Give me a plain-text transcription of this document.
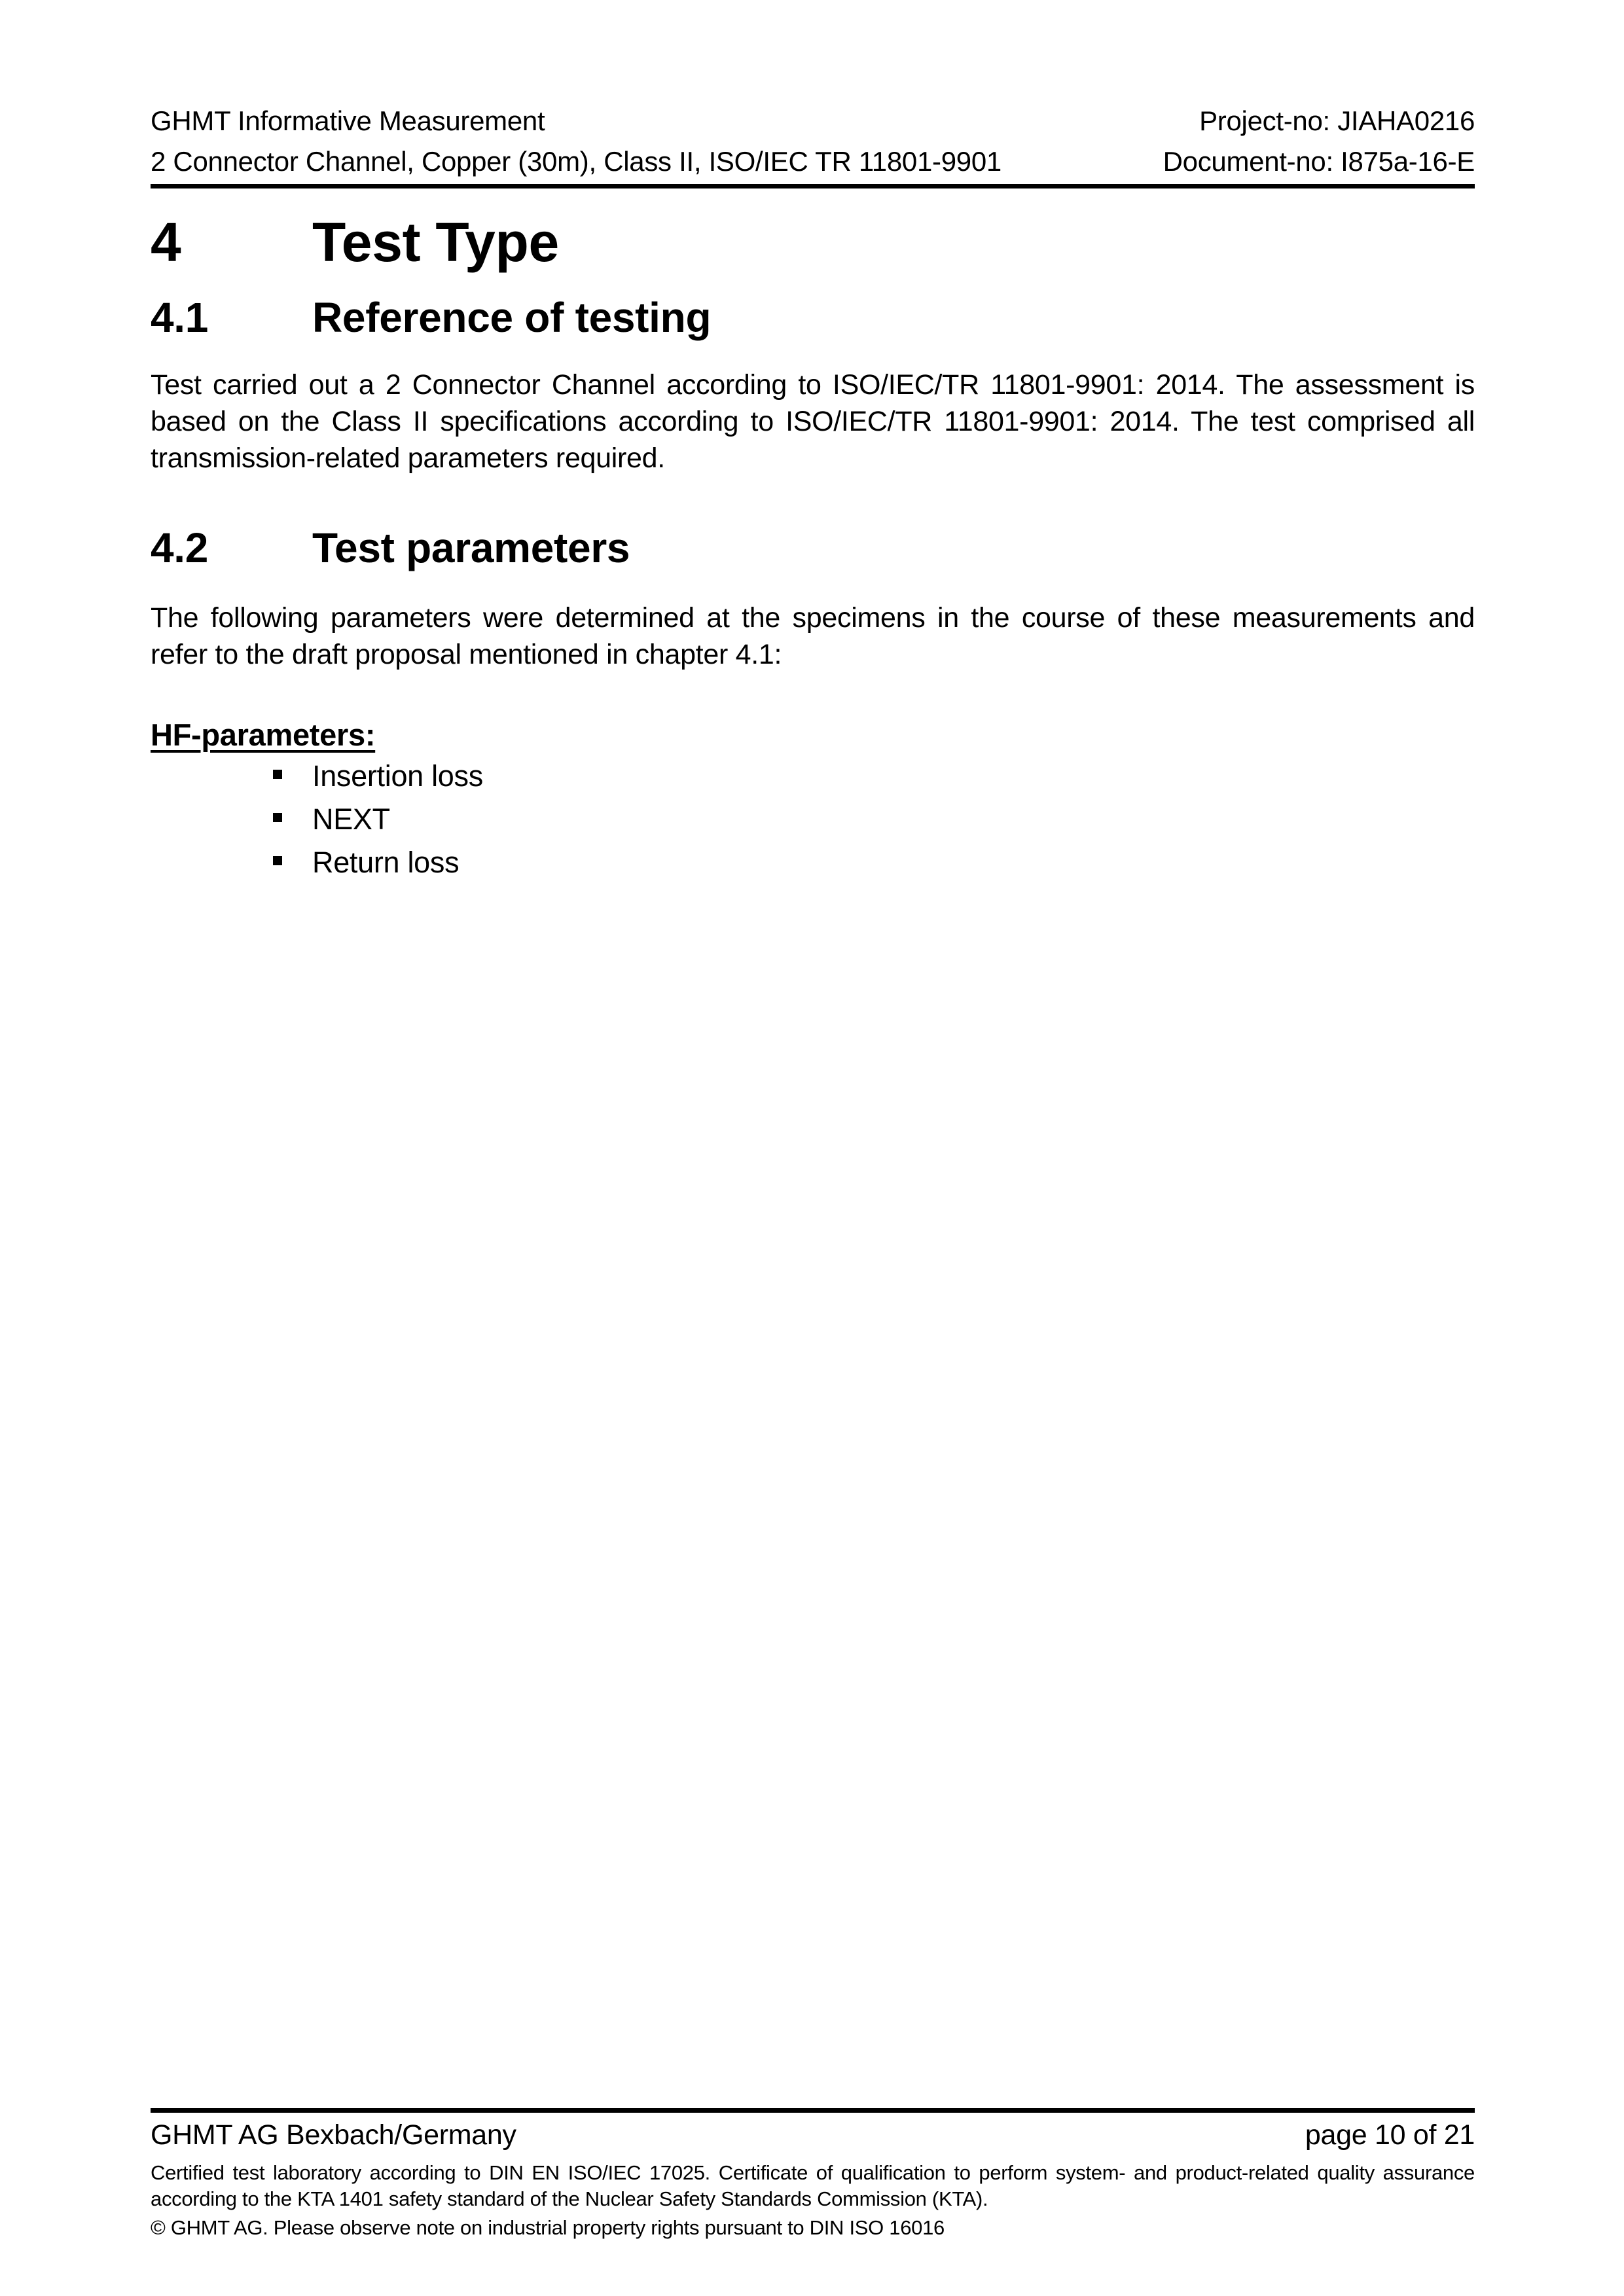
GHMT Informative Measurement	Project-no: JIAHA0216
2 Connector Channel, Copper (30m), Class II, ISO/IEC TR 11801-9901	Document-no: I875a-16-E
4	Test Type
4.1	Reference of testing
Test carried out a 2 Connector Channel according to ISO/IEC/TR 11801-9901: 2014. The assessment is based on the Class II specifications according to ISO/IEC/TR 11801-9901: 2014. The test comprised all transmission-related parameters required.
4.2	Test parameters
The following parameters were determined at the specimens in the course of these measurements and refer to the draft proposal mentioned in chapter 4.1:
HF-parameters:
Insertion loss
NEXT
Return loss
GHMT AG Bexbach/Germany	page 10 of 21
Certified test laboratory according to DIN EN ISO/IEC 17025. Certificate of qualification to perform system- and product-related quality assurance according to the KTA 1401 safety standard of the Nuclear Safety Standards Commission (KTA).
© GHMT AG. Please observe note on industrial property rights pursuant to DIN ISO 16016
